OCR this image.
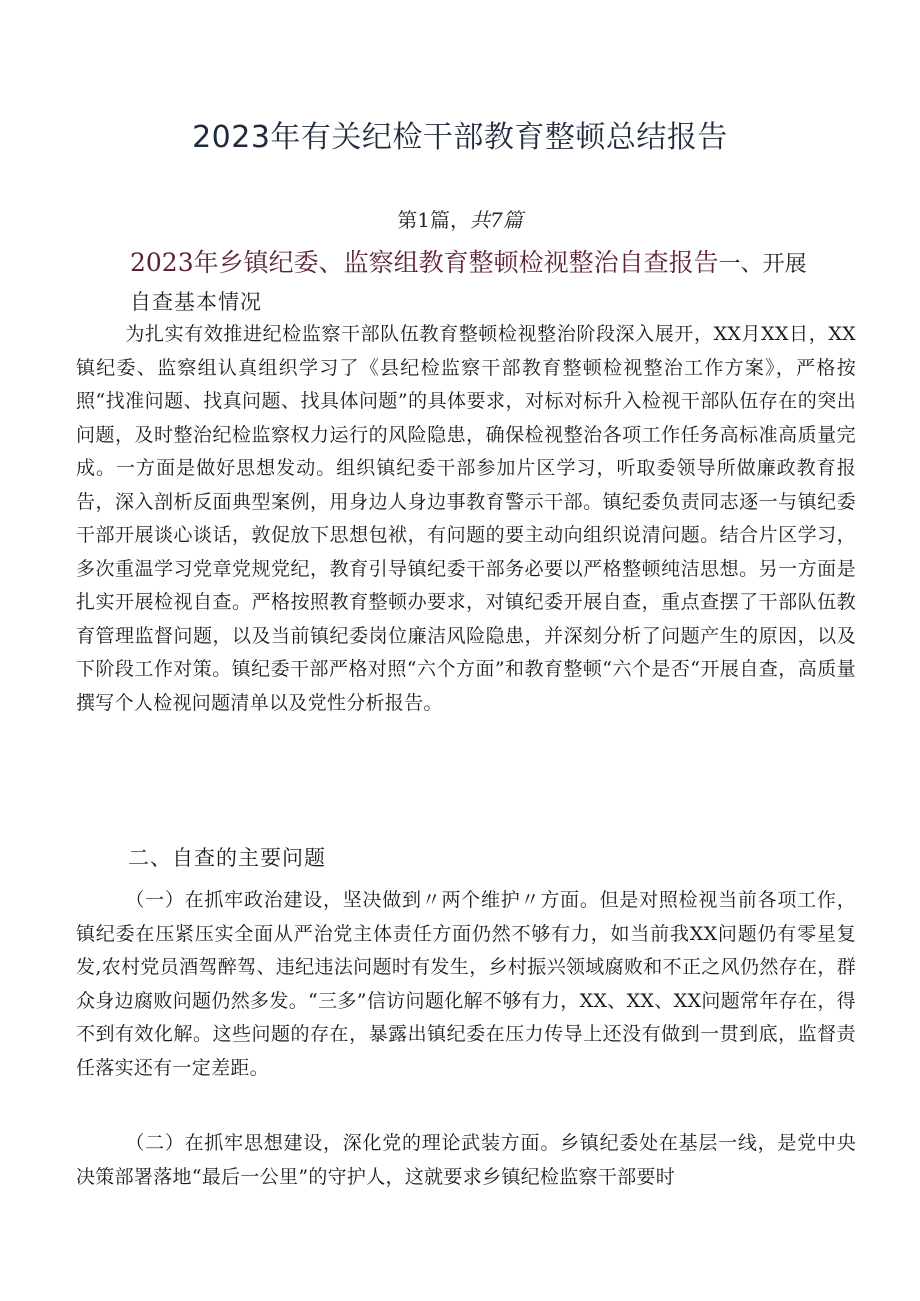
2023年有关纪检干部教育整顿总结报告
第1篇，共7篇
2023年乡镇纪委、监察组教育整顿检视整治自查报告一、开展
自查基本情况

为扎实有效推进纪检监察干部队伍教育整顿检视整治阶段深入展开，XX月XX日，XX镇纪委、监察组认真组织学习了《县纪检监察干部教育整顿检视整治工作方案》，严格按照“找准问题、找真问题、找具体问题”的具体要求，对标对标升入检视干部队伍存在的突出问题，及时整治纪检监察权力运行的风险隐患，确保检视整治各项工作任务高标准高质量完成。一方面是做好思想发动。组织镇纪委干部参加片区学习，听取委领导所做廉政教育报告，深入剖析反面典型案例，用身边人身边事教育警示干部。镇纪委负责同志逐一与镇纪委干部开展谈心谈话，敦促放下思想包袱，有问题的要主动向组织说清问题。结合片区学习，多次重温学习党章党规党纪，教育引导镇纪委干部务必要以严格整顿纯洁思想。另一方面是扎实开展检视自查。严格按照教育整顿办要求，对镇纪委开展自查，重点查摆了干部队伍教育管理监督问题，以及当前镇纪委岗位廉洁风险隐患，并深刻分析了问题产生的原因，以及下阶段工作对策。镇纪委干部严格对照“六个方面”和教育整顿“六个是否“开展自查，高质量撰写个人检视问题清单以及党性分析报告。

二、自查的主要问题

（一）在抓牢政治建设，坚决做到〃两个维护〃方面。但是对照检视当前各项工作，镇纪委在压紧压实全面从严治党主体责任方面仍然不够有力，如当前我XX问题仍有零星复发,农村党员酒驾醉驾、违纪违法问题时有发生，乡村振兴领域腐败和不正之风仍然存在，群众身边腐败问题仍然多发。“三多”信访问题化解不够有力，XX、XX、XX问题常年存在，得不到有效化解。这些问题的存在，暴露出镇纪委在压力传导上还没有做到一贯到底，监督责任落实还有一定差距。

（二）在抓牢思想建设，深化党的理论武装方面。乡镇纪委处在基层一线，是党中央决策部署落地“最后一公里”的守护人，这就要求乡镇纪检监察干部要时
